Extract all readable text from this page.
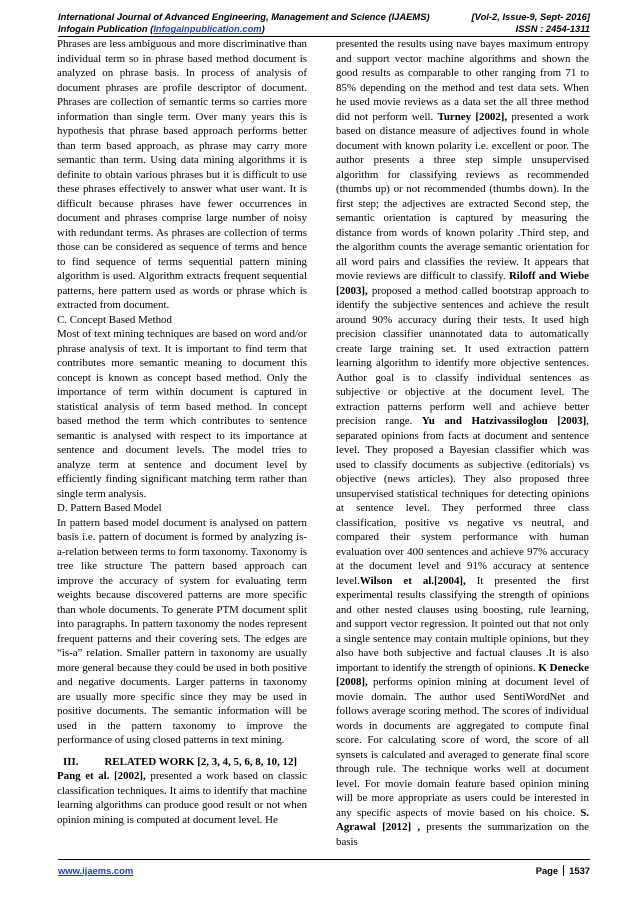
International Journal of Advanced Engineering, Management and Science (IJAEMS)	[Vol-2, Issue-9, Sept- 2016]
Infogain Publication (Infogainpublication.com)	ISSN : 2454-1311

Phrases are less ambiguous and more discriminative than individual term so in phrase based method document is analyzed on phrase basis. In process of analysis of document phrases are profile descriptor of document. Phrases are collection of semantic terms so carries more information than single term. Over many years this is hypothesis that phrase based approach performs better than term based approach, as phrase may carry more semantic than term. Using data mining algorithms it is definite to obtain various phrases but it is difficult to use these phrases effectively to answer what user want. It is difficult because phrases have fewer occurrences in document and phrases comprise large number of noisy with redundant terms. As phrases are collection of terms those can be considered as sequence of terms and hence to find sequence of terms sequential pattern mining algorithm is used. Algorithm extracts frequent sequential patterns, here pattern used as words or phrase which is extracted from document.

C. Concept Based Method

Most of text mining techniques are based on word and/or phrase analysis of text. It is important to find term that contributes more semantic meaning to document this concept is known as concept based method. Only the importance of term within document is captured in statistical analysis of term based method. In concept based method the term which contributes to sentence semantic is analysed with respect to its importance at sentence and document levels. The model tries to analyze term at sentence and document level by efficiently finding significant matching term rather than single term analysis.

D. Pattern Based Model

In pattern based model document is analysed on pattern basis i.e. pattern of document is formed by analyzing is-a-relation between terms to form taxonomy. Taxonomy is tree like structure The pattern based approach can improve the accuracy of system for evaluating term weights because discovered patterns are more specific than whole documents. To generate PTM document split into paragraphs. In pattern taxonomy the nodes represent frequent patterns and their covering sets. The edges are “is-a” relation. Smaller pattern in taxonomy are usually more general because they could be used in both positive and negative documents. Larger patterns in taxonomy are usually more specific since they may be used in positive documents. The semantic information will be used in the pattern taxonomy to improve the performance of using closed patterns in text mining.

III. RELATED WORK [2, 3, 4, 5, 6, 8, 10, 12]

Pang et al. [2002], presented a work based on classic classification techniques. It aims to identify that machine learning algorithms can produce good result or not when opinion mining is computed at document level. He

presented the results using nave bayes maximum entropy and support vector machine algorithms and shown the good results as comparable to other ranging from 71 to 85% depending on the method and test data sets. When he used movie reviews as a data set the all three method did not perform well. Turney [2002], presented a work based on distance measure of adjectives found in whole document with known polarity i.e. excellent or poor. The author presents a three step simple unsupervised algorithm for classifying reviews as recommended (thumbs up) or not recommended (thumbs down). In the first step; the adjectives are extracted Second step, the semantic orientation is captured by measuring the distance from words of known polarity .Third step, and the algorithm counts the average semantic orientation for all word pairs and classifies the review. It appears that movie reviews are difficult to classify. Riloff and Wiebe [2003], proposed a method called bootstrap approach to identify the subjective sentences and achieve the result around 90% accuracy during their tests. It used high precision classifier unannotated data to automatically create large training set. It used extraction pattern learning algorithm to identify more objective sentences. Author goal is to classify individual sentences as subjective or objective at the document level. The extraction patterns perform well and achieve better precision range. Yu and Hatzivassiloglou [2003], separated opinions from facts at document and sentence level. They proposed a Bayesian classifier which was used to classify documents as subjective (editorials) vs objective (news articles). They also proposed three unsupervised statistical techniques for detecting opinions at sentence level. They performed three class classification, positive vs negative vs neutral, and compared their system performance with human evaluation over 400 sentences and achieve 97% accuracy at the document level and 91% accuracy at sentence level.Wilson et al.[2004], It presented the first experimental results classifying the strength of opinions and other nested clauses using boosting, rule learning, and support vector regression. It pointed out that not only a single sentence may contain multiple opinions, but they also have both subjective and factual clauses .It is also important to identify the strength of opinions. K Denecke [2008], performs opinion mining at document level of movie domain. The author used SentiWordNet and follows average scoring method. The scores of individual words in documents are aggregated to compute final score. For calculating score of word, the score of all synsets is calculated and averaged to generate final score through rule. The technique works well at document level. For movie domain feature based opinion mining will be more appropriate as users could be interested in any specific aspects of movie based on his choice. S. Agrawal [2012] , presents the summarization on the basis

www.ijaems.com	Page 1537
